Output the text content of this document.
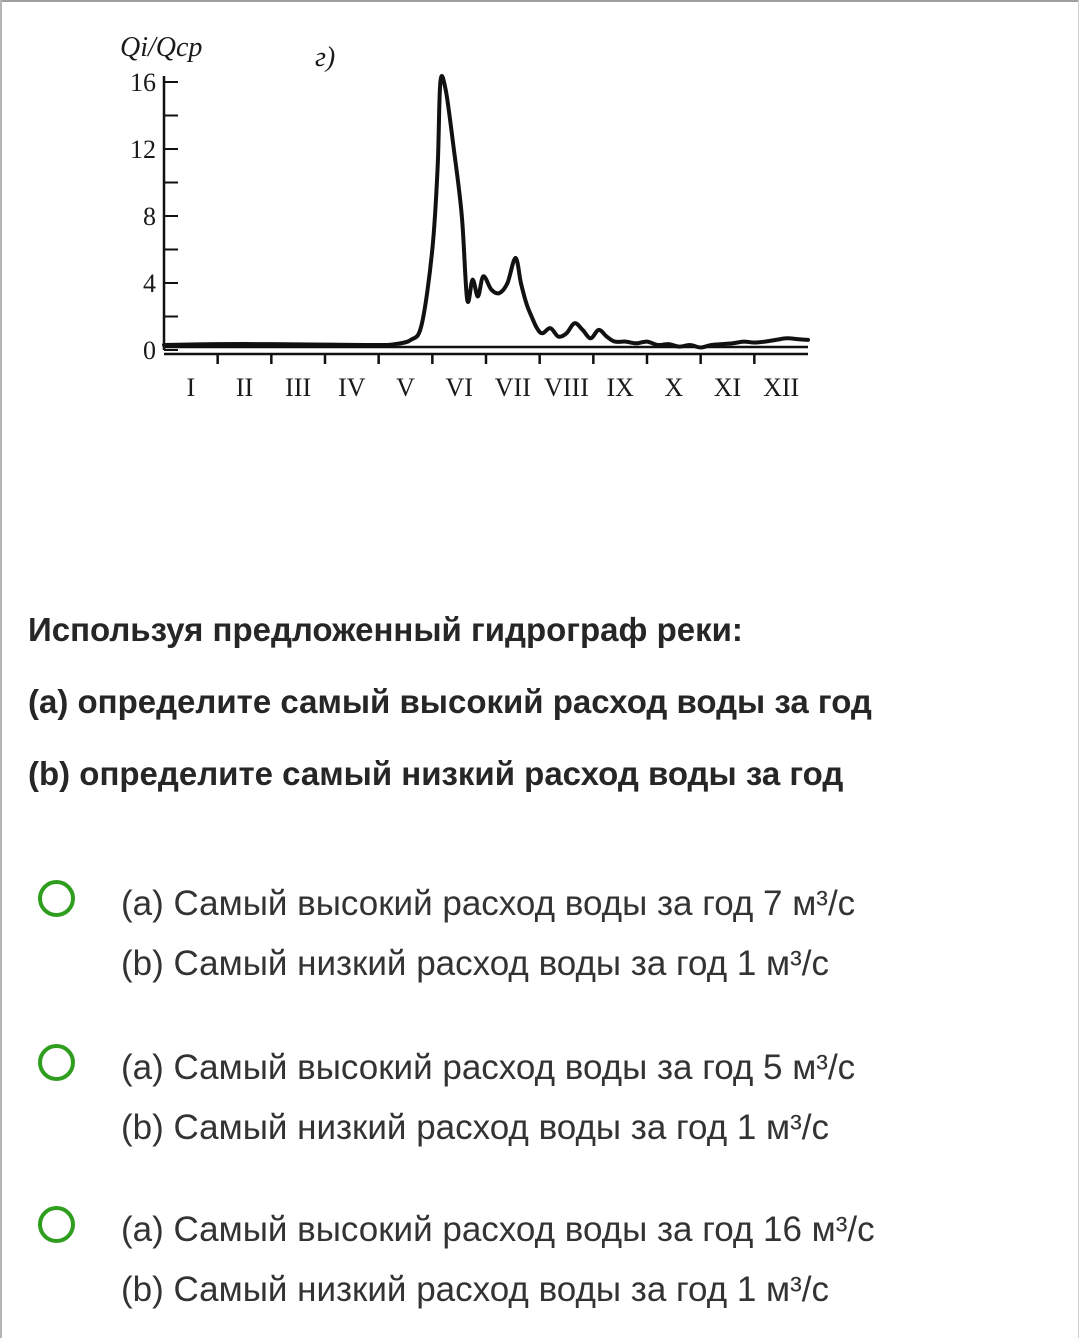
0
4
8
12
16
I II III IV V VI VII VIII IX X XI XII
Qi/Qср	г)
Используя предложенный гидрограф реки:
(a) определите самый высокий расход воды за год
(b) определите самый низкий расход воды за год
(a) Самый высокий расход воды за год 7 м³/с
(b) Самый низкий расход воды за год 1 м³/с
(a) Самый высокий расход воды за год 5 м³/с
(b) Самый низкий расход воды за год 1 м³/с
(a) Самый высокий расход воды за год 16 м³/с
(b) Самый низкий расход воды за год 1 м³/с
